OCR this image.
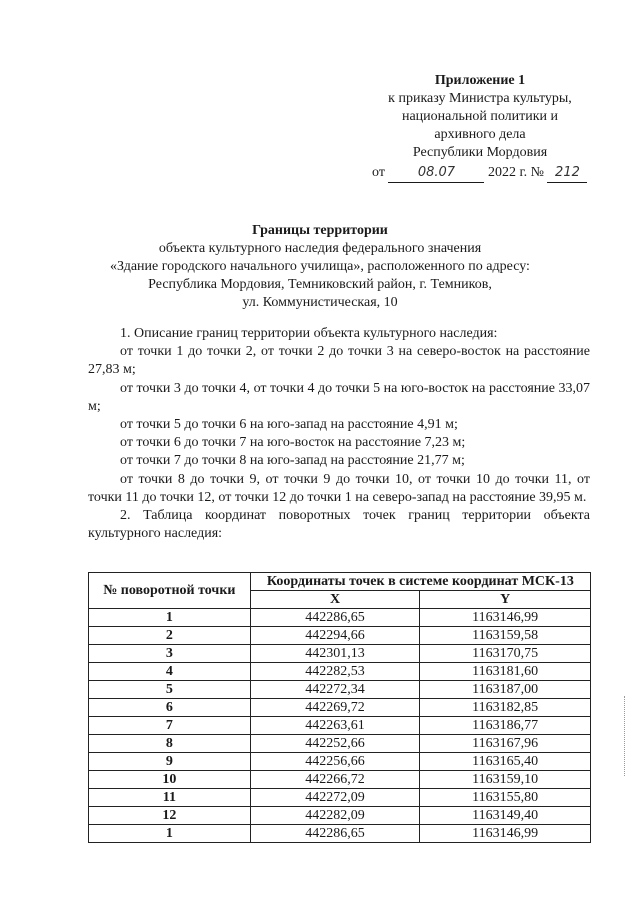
Приложение 1
к приказу Министра культуры,
национальной политики и
архивного дела
Республики Мордовия
от	08.07 2022 г. № 212
Границы территории
объекта культурного наследия федерального значения
«Здание городского начального училища», расположенного по адресу:
Республика Мордовия, Темниковский район, г. Темников,
ул. Коммунистическая, 10

1. Описание границ территории объекта культурного наследия:

от точки 1 до точки 2, от точки 2 до точки 3 на северо-восток на расстояние 27,83 м;

от точки 3 до точки 4, от точки 4 до точки 5 на юго-восток на расстояние 33,07 м;

от точки 5 до точки 6 на юго-запад на расстояние 4,91 м;

от точки 6 до точки 7 на юго-восток на расстояние 7,23 м;

от точки 7 до точки 8 на юго-запад на расстояние 21,77 м;

от точки 8 до точки 9, от точки 9 до точки 10, от точки 10 до точки 11, от точки 11 до точки 12, от точки 12 до точки 1 на северо-запад на расстояние 39,95 м.

2. Таблица координат поворотных точек границ территории объекта культурного наследия:

№ поворотной точки	Координаты точек в системе координат МСК-13	
	X	Y
1	442286,65	1163146,99
2	442294,66	1163159,58
3	442301,13	1163170,75
4	442282,53	1163181,60
5	442272,34	1163187,00
6	442269,72	1163182,85
7	442263,61	1163186,77
8	442252,66	1163167,96
9	442256,66	1163165,40
10	442266,72	1163159,10
11	442272,09	1163155,80
12	442282,09	1163149,40
1	442286,65	1163146,99
